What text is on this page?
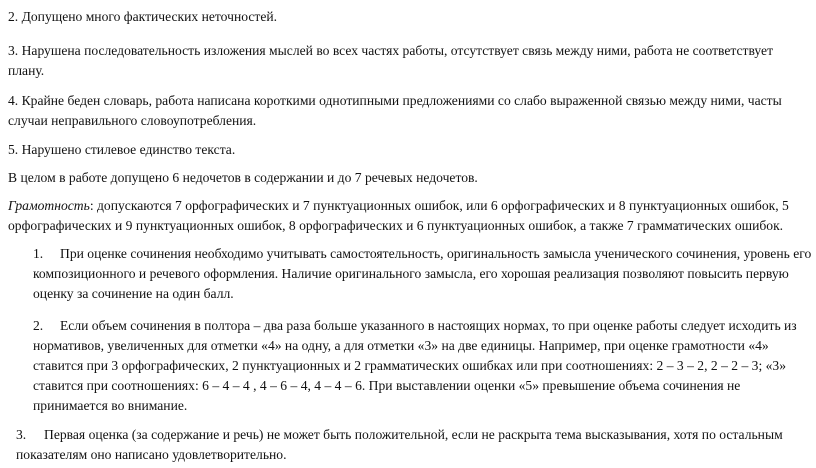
2. Допущено много фактических неточностей.

3. Нарушена последовательность изложения мыслей во всех частях работы, отсутствует связь между ними, работа не соответствует плану.

4. Крайне беден словарь, работа написана короткими однотипными предложениями со слабо выраженной связью между ними, часты случаи неправильного словоупотребления.

5. Нарушено стилевое единство текста.

В целом в работе допущено 6 недочетов в содержании и до 7 речевых недочетов.

Грамотность: допускаются 7 орфографических и 7 пунктуационных ошибок, или 6 орфографических и 8 пунктуационных ошибок, 5 орфографических и 9 пунктуационных ошибок, 8 орфографических и 6 пунктуационных ошибок, а также 7 грамматических ошибок.

1. При оценке сочинения необходимо учитывать самостоятельность, оригинальность замысла ученического сочинения, уровень его композиционного и речевого оформления. Наличие оригинального замысла, его хорошая реализация позволяют повысить первую оценку за сочинение на один балл.
2. Если объем сочинения в полтора – два раза больше указанного в настоящих нормах, то при оценке работы следует исходить из нормативов, увеличенных для отметки «4» на одну, а для отметки «3» на две единицы. Например, при оценке грамотности «4» ставится при 3 орфографических, 2 пунктуационных и 2 грамматических ошибках или при соотношениях: 2 – 3 – 2, 2 – 2 – 3; «3» ставится при соотношениях: 6 – 4 – 4 , 4 – 6 – 4, 4 – 4 – 6. При выставлении оценки «5» превышение объема сочинения не принимается во внимание.
3. Первая оценка (за содержание и речь) не может быть положительной, если не раскрыта тема высказывания, хотя по остальным показателям оно написано удовлетворительно.
